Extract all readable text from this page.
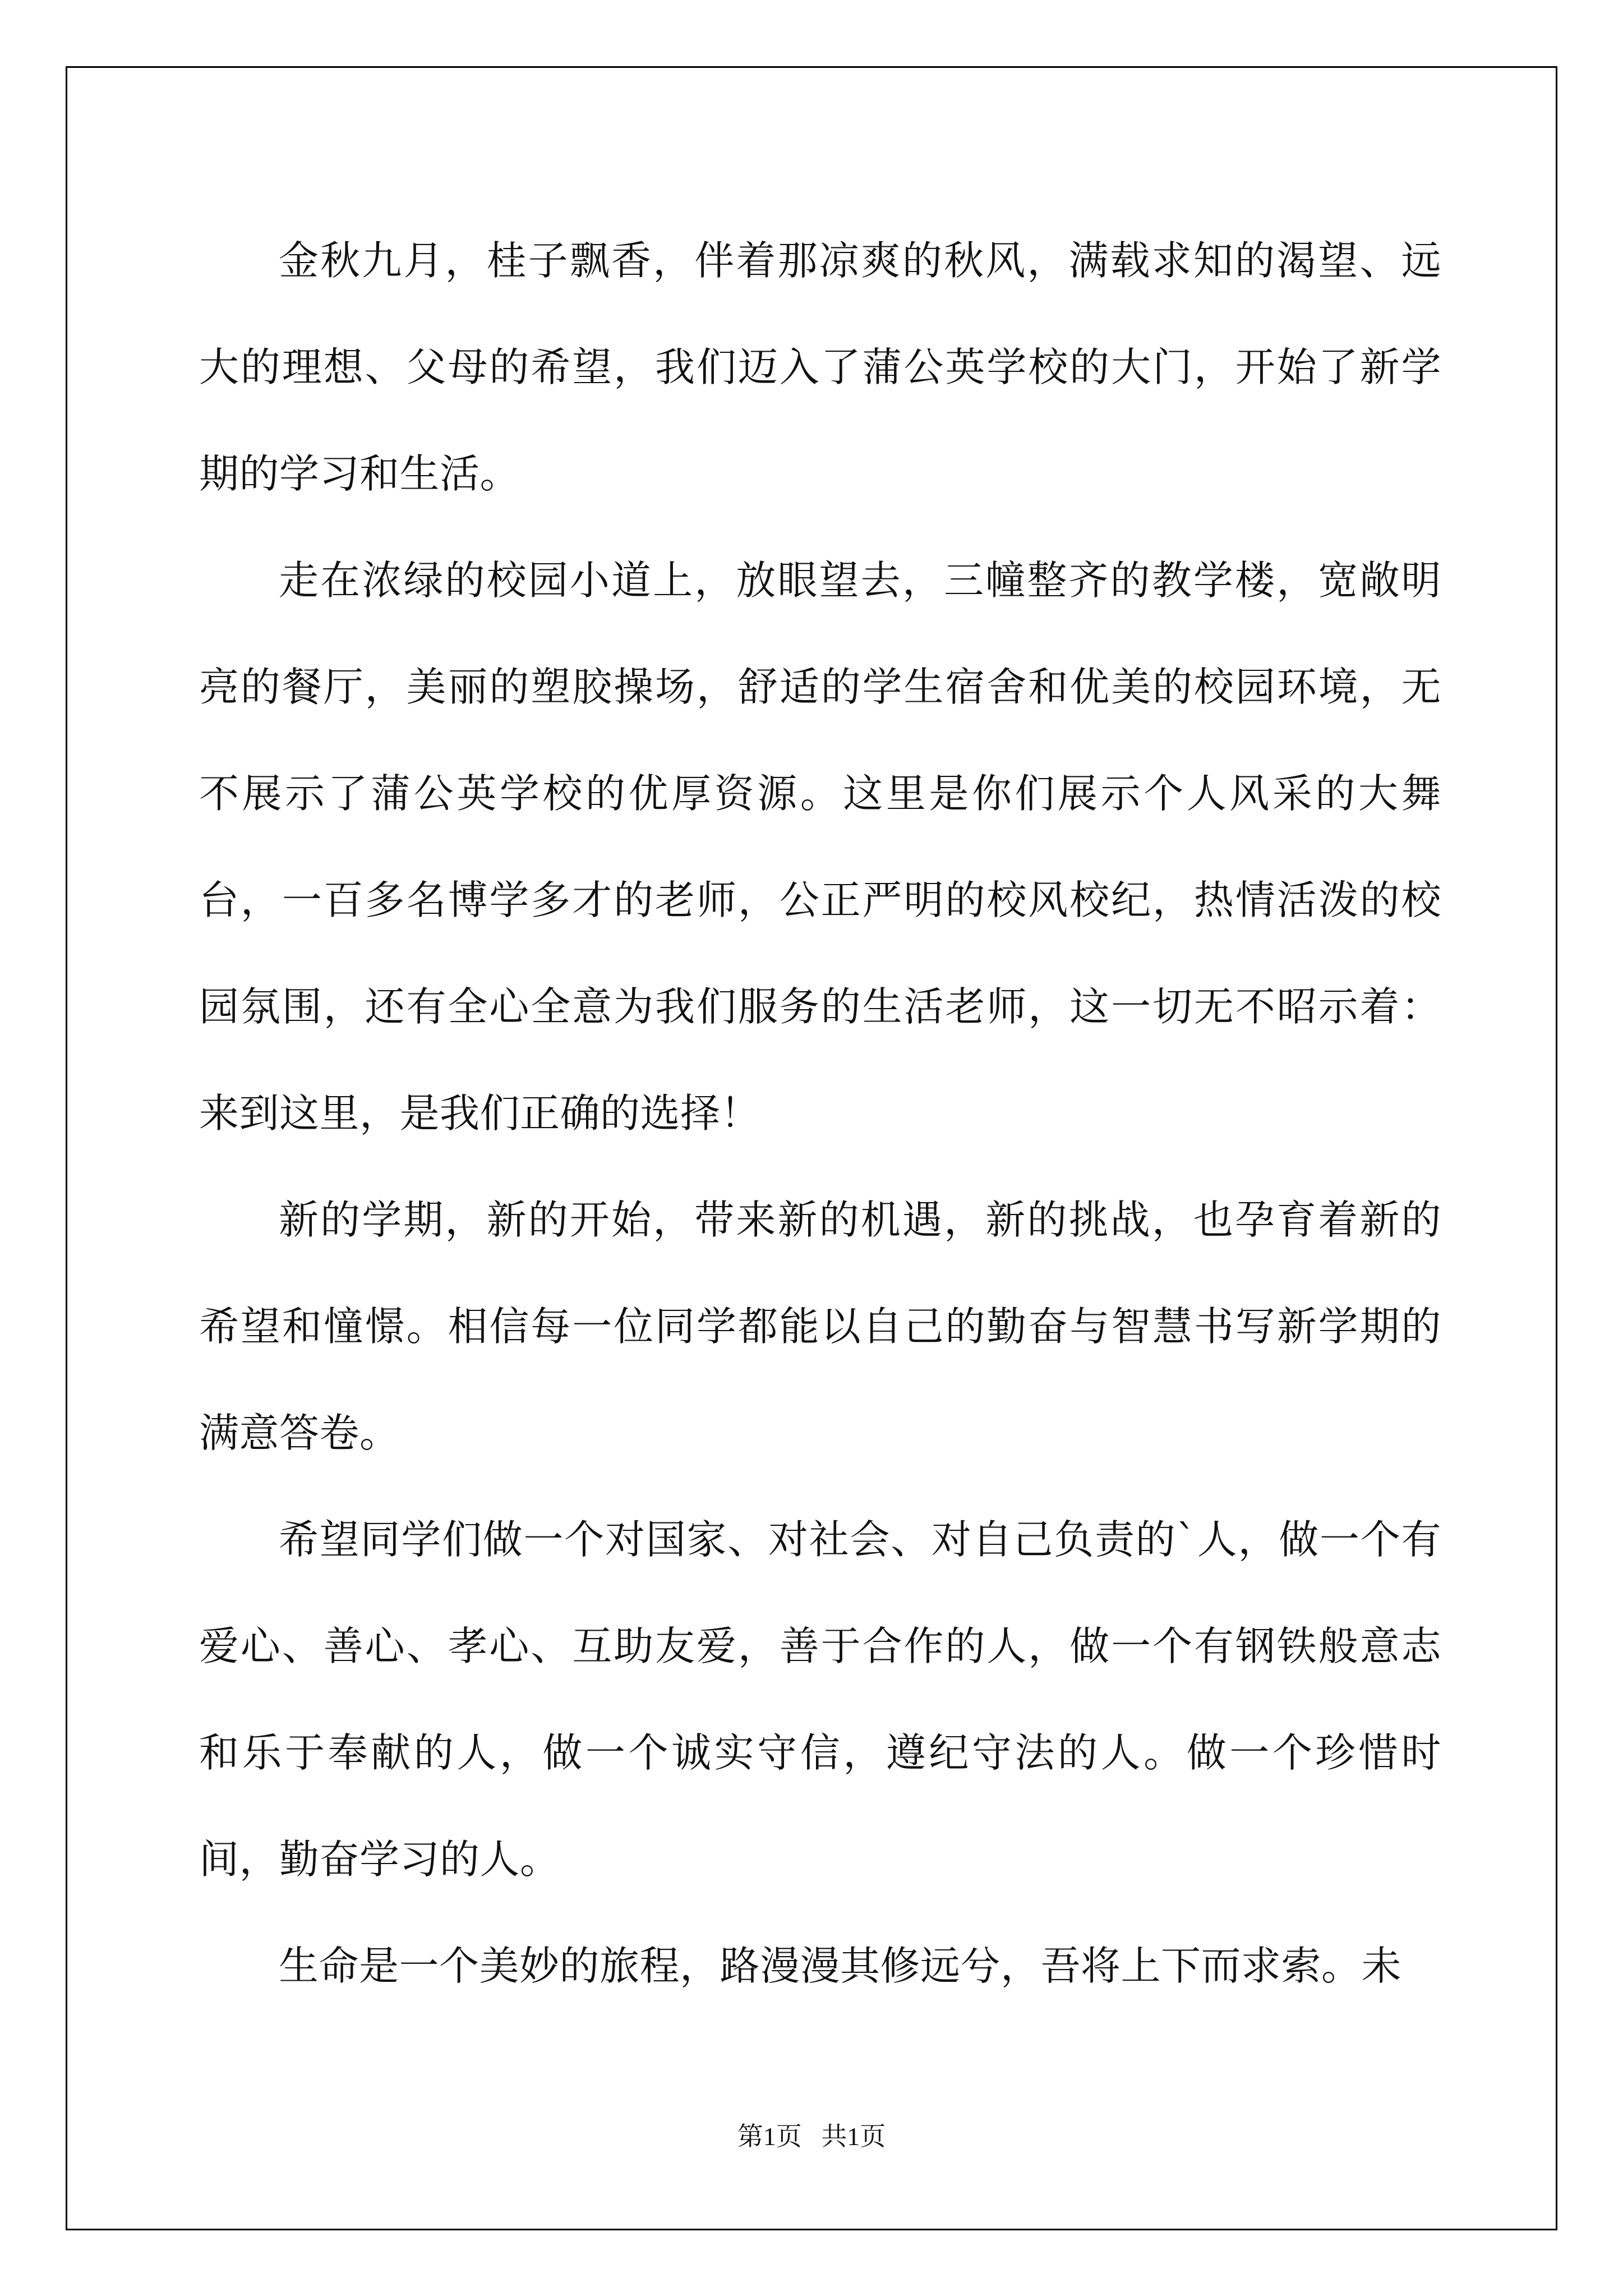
金秋九月，桂子飘香，伴着那凉爽的秋风，满载求知的渴望、远大的理想、父母的希望，我们迈入了蒲公英学校的大门，开始了新学期的学习和生活。

走在浓绿的校园小道上，放眼望去，三幢整齐的教学楼，宽敞明亮的餐厅，美丽的塑胶操场，舒适的学生宿舍和优美的校园环境，无不展示了蒲公英学校的优厚资源。这里是你们展示个人风采的大舞台，一百多名博学多才的老师，公正严明的校风校纪，热情活泼的校园氛围，还有全心全意为我们服务的生活老师，这一切无不昭示着：来到这里，是我们正确的选择！

新的学期，新的开始，带来新的机遇，新的挑战，也孕育着新的希望和憧憬。相信每一位同学都能以自己的勤奋与智慧书写新学期的满意答卷。

希望同学们做一个对国家、对社会、对自己负责的`人，做一个有爱心、善心、孝心、互助友爱，善于合作的人，做一个有钢铁般意志和乐于奉献的人，做一个诚实守信，遵纪守法的人。做一个珍惜时间，勤奋学习的人。

生命是一个美妙的旅程，路漫漫其修远兮，吾将上下而求索。未

第1页   共1页
